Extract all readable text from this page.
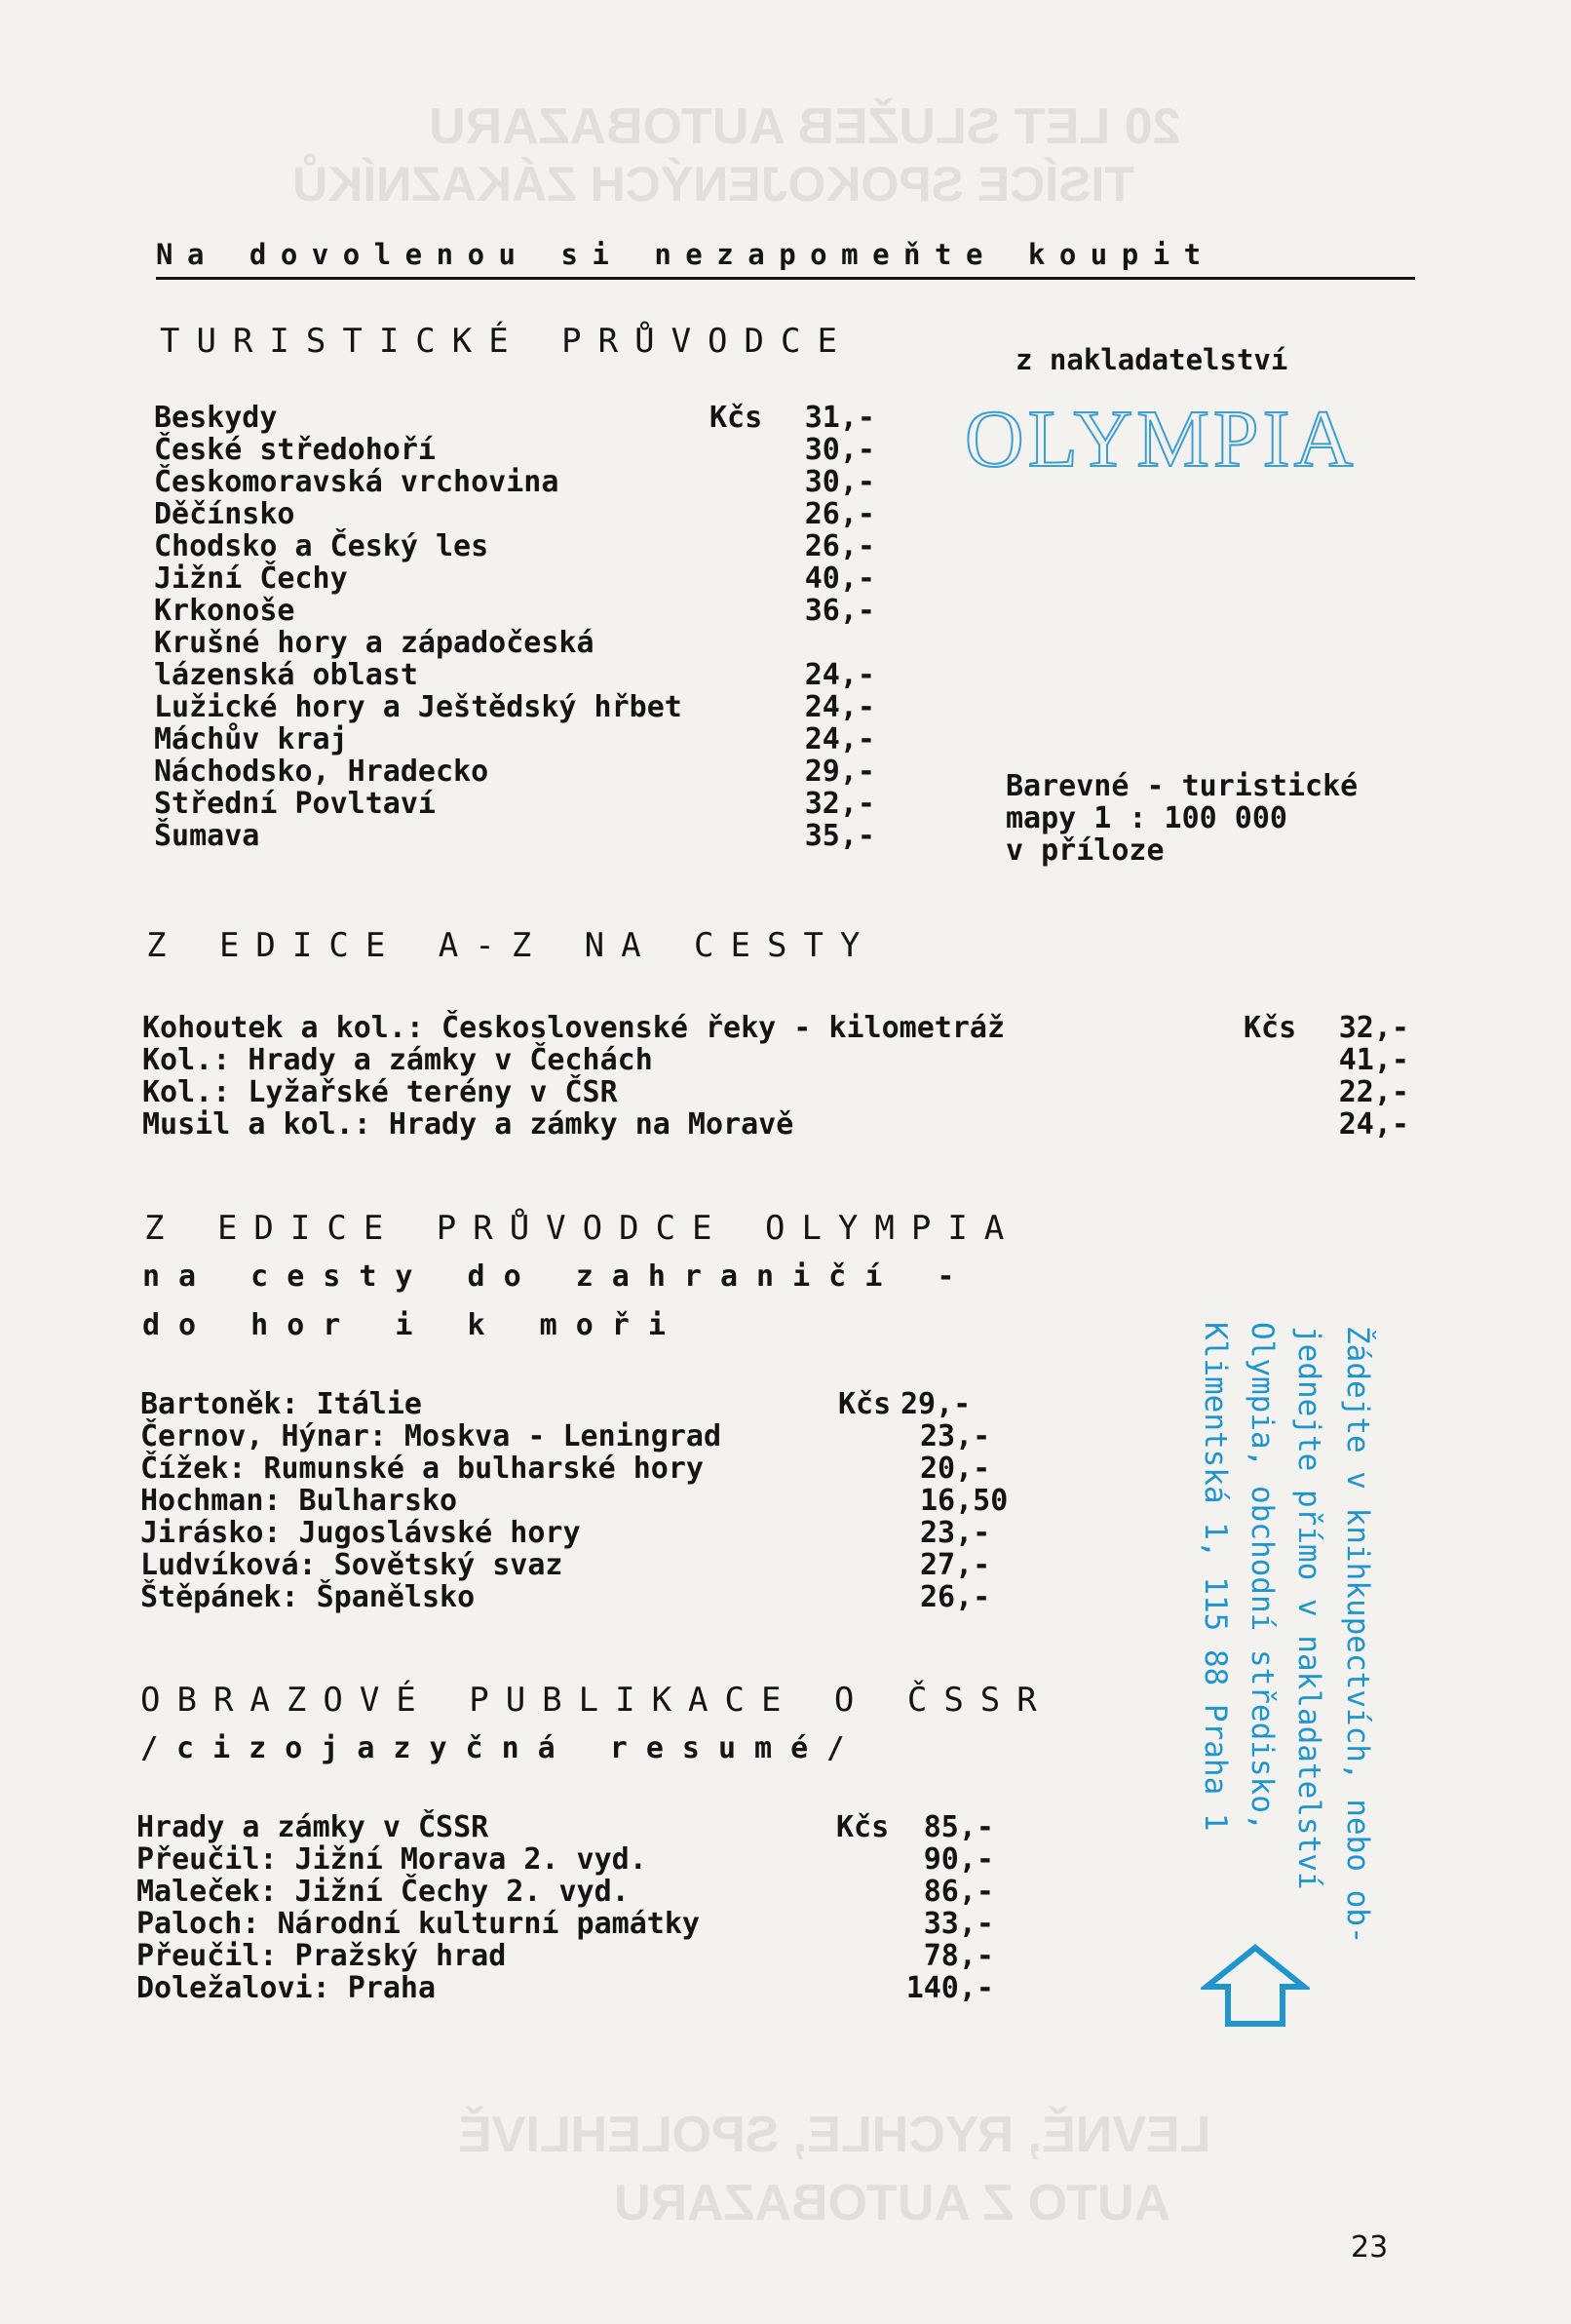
20 LET SLUŽEB AUTOBAZARU
TISÍCE SPOKOJENÝCH ZÁKAZNÍKŮ
LEVNĚ, RYCHLE, SPOLEHLIVĚ
AUTO Z AUTOBAZARU
Na dovolenou si nezapomeňte koupit
TURISTICKÉ PRŮVODCE
Beskydy	Kčs	31,-
České středohoří	30,-
Českomoravská vrchovina	30,-
Děčínsko	26,-
Chodsko a Český les	26,-
Jižní Čechy	40,-
Krkonoše	36,-
Krušné hory a západočeská lázenská oblast	24,-
Lužické hory a Ještědský hřbet	24,-
Máchův kraj	24,-
Náchodsko, Hradecko	29,-
Střední Povltaví	32,-
Šumava	35,-
z nakladatelství
OLYMPIA
Barevné - turistické
mapy 1 : 100 000
v příloze
Z EDICE A-Z NA CESTY
Kohoutek a kol.: Československé řeky - kilometráž	Kčs	32,-
Kol.: Hrady a zámky v Čechách	41,-
Kol.: Lyžařské terény v ČSR	22,-
Musil a kol.: Hrady a zámky na Moravě	24,-
Z EDICE PRŮVODCE OLYMPIA
na cesty do zahraničí -
do hor i k moři
Bartoněk: Itálie	Kčs 29,-
Černov, Hýnar: Moskva - Leningrad	23,-
Čížek: Rumunské a bulharské hory	20,-
Hochman: Bulharsko	16,50
Jirásko: Jugoslávské hory	23,-
Ludvíková: Sovětský svaz	27,-
Štěpánek: Španělsko	26,-
OBRAZOVÉ PUBLIKACE O ČSSR
/cizojazyčná resumé/
Hrady a zámky v ČSSR	Kčs	85,-
Přeučil: Jižní Morava 2. vyd.	90,-
Maleček: Jižní Čechy 2. vyd.	86,-
Paloch: Národní kulturní památky	33,-
Přeučil: Pražský hrad	78,-
Doležalovi: Praha	140,-
Žádejte v knihkupectvích, nebo ob-
jednejte přímo v nakladatelství
Olympia, obchodní středisko,
Klimentská 1, 115 88 Praha 1
23
